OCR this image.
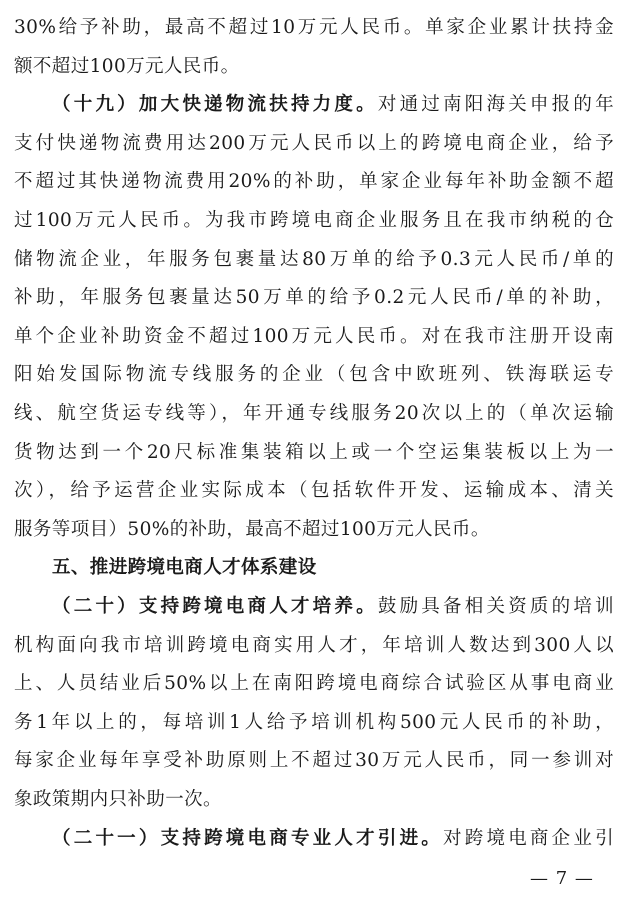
30%给予补助，最高不超过10万元人民币。单家企业累计扶持金
额不超过100万元人民币。
（十九）加大快递物流扶持力度。对通过南阳海关申报的年
支付快递物流费用达200万元人民币以上的跨境电商企业，给予
不超过其快递物流费用20%的补助，单家企业每年补助金额不超
过100万元人民币。为我市跨境电商企业服务且在我市纳税的仓
储物流企业，年服务包裹量达80万单的给予0.3元人民币/单的
补助，年服务包裹量达50万单的给予0.2元人民币/单的补助，
单个企业补助资金不超过100万元人民币。对在我市注册开设南
阳始发国际物流专线服务的企业（包含中欧班列、铁海联运专
线、航空货运专线等），年开通专线服务20次以上的（单次运输
货物达到一个20尺标准集装箱以上或一个空运集装板以上为一
次），给予运营企业实际成本（包括软件开发、运输成本、清关
服务等项目）50%的补助，最高不超过100万元人民币。
五、推进跨境电商人才体系建设
（二十）支持跨境电商人才培养。鼓励具备相关资质的培训
机构面向我市培训跨境电商实用人才，年培训人数达到300人以
上、人员结业后50%以上在南阳跨境电商综合试验区从事电商业
务1年以上的，每培训1人给予培训机构500元人民币的补助，
每家企业每年享受补助原则上不超过30万元人民币，同一参训对
象政策期内只补助一次。
（二十一）支持跨境电商专业人才引进。对跨境电商企业引
— 7 —
